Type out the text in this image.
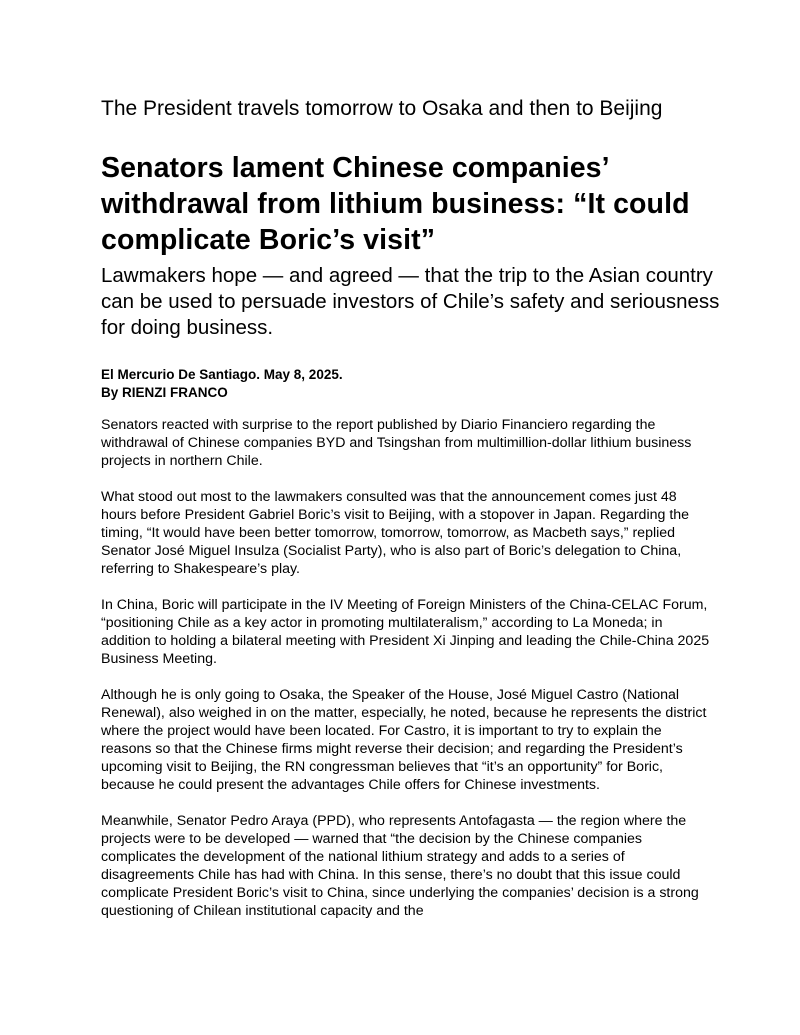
The President travels tomorrow to Osaka and then to Beijing
Senators lament Chinese companies’ withdrawal from lithium business: “It could complicate Boric’s visit”
Lawmakers hope — and agreed — that the trip to the Asian country can be used to persuade investors of Chile’s safety and seriousness for doing business.
El Mercurio De Santiago. May 8, 2025.
By RIENZI FRANCO

Senators reacted with surprise to the report published by Diario Financiero regarding the withdrawal of Chinese companies BYD and Tsingshan from multimillion-dollar lithium business projects in northern Chile.

What stood out most to the lawmakers consulted was that the announcement comes just 48 hours before President Gabriel Boric’s visit to Beijing, with a stopover in Japan. Regarding the timing, “It would have been better tomorrow, tomorrow, tomorrow, as Macbeth says,” replied Senator José Miguel Insulza (Socialist Party), who is also part of Boric’s delegation to China, referring to Shakespeare’s play.

In China, Boric will participate in the IV Meeting of Foreign Ministers of the China-CELAC Forum, “positioning Chile as a key actor in promoting multilateralism,” according to La Moneda; in addition to holding a bilateral meeting with President Xi Jinping and leading the Chile-China 2025 Business Meeting.

Although he is only going to Osaka, the Speaker of the House, José Miguel Castro (National Renewal), also weighed in on the matter, especially, he noted, because he represents the district where the project would have been located. For Castro, it is important to try to explain the reasons so that the Chinese firms might reverse their decision; and regarding the President’s upcoming visit to Beijing, the RN congressman believes that “it’s an opportunity” for Boric, because he could present the advantages Chile offers for Chinese investments.

Meanwhile, Senator Pedro Araya (PPD), who represents Antofagasta — the region where the projects were to be developed — warned that “the decision by the Chinese companies complicates the development of the national lithium strategy and adds to a series of disagreements Chile has had with China. In this sense, there’s no doubt that this issue could complicate President Boric’s visit to China, since underlying the companies’ decision is a strong questioning of Chilean institutional capacity and the
